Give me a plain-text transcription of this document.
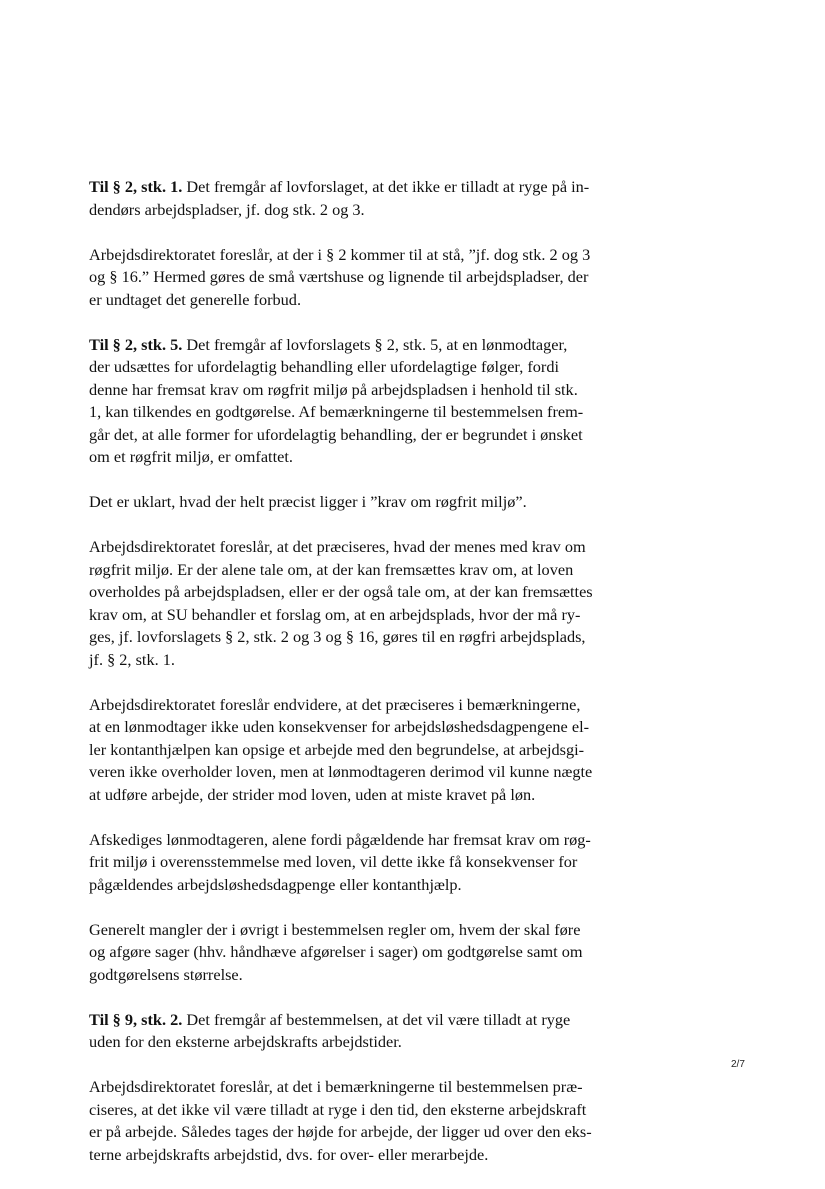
Til § 2, stk. 1. Det fremgår af lovforslaget, at det ikke er tilladt at ryge på in-
dendørs arbejdspladser, jf. dog stk. 2 og 3.

Arbejdsdirektoratet foreslår, at der i § 2 kommer til at stå, ”jf. dog stk. 2 og 3
og § 16.” Hermed gøres de små værtshuse og lignende til arbejdspladser, der
er undtaget det generelle forbud.

Til § 2, stk. 5. Det fremgår af lovforslagets § 2, stk. 5, at en lønmodtager,
der udsættes for ufordelagtig behandling eller ufordelagtige følger, fordi
denne har fremsat krav om røgfrit miljø på arbejdspladsen i henhold til stk.
1, kan tilkendes en godtgørelse. Af bemærkningerne til bestemmelsen frem-
går det, at alle former for ufordelagtig behandling, der er begrundet i ønsket
om et røgfrit miljø, er omfattet.

Det er uklart, hvad der helt præcist ligger i ”krav om røgfrit miljø”.

Arbejdsdirektoratet foreslår, at det præciseres, hvad der menes med krav om
røgfrit miljø. Er der alene tale om, at der kan fremsættes krav om, at loven
overholdes på arbejdspladsen, eller er der også tale om, at der kan fremsættes
krav om, at SU behandler et forslag om, at en arbejdsplads, hvor der må ry-
ges, jf. lovforslagets § 2, stk. 2 og 3 og § 16, gøres til en røgfri arbejdsplads,
jf. § 2, stk. 1.

Arbejdsdirektoratet foreslår endvidere, at det præciseres i bemærkningerne,
at en lønmodtager ikke uden konsekvenser for arbejdsløshedsdagpengene el-
ler kontanthjælpen kan opsige et arbejde med den begrundelse, at arbejdsgi-
veren ikke overholder loven, men at lønmodtageren derimod vil kunne nægte
at udføre arbejde, der strider mod loven, uden at miste kravet på løn.

Afskediges lønmodtageren, alene fordi pågældende har fremsat krav om røg-
frit miljø i overensstemmelse med loven, vil dette ikke få konsekvenser for
pågældendes arbejdsløshedsdagpenge eller kontanthjælp.

Generelt mangler der i øvrigt i bestemmelsen regler om, hvem der skal føre
og afgøre sager (hhv. håndhæve afgørelser i sager) om godtgørelse samt om
godtgørelsens størrelse.

Til § 9, stk. 2. Det fremgår af bestemmelsen, at det vil være tilladt at ryge
uden for den eksterne arbejdskrafts arbejdstider.

Arbejdsdirektoratet foreslår, at det i bemærkningerne til bestemmelsen præ-
ciseres, at det ikke vil være tilladt at ryge i den tid, den eksterne arbejdskraft
er på arbejde. Således tages der højde for arbejde, der ligger ud over den eks-
terne arbejdskrafts arbejdstid, dvs. for over- eller merarbejde.

2/7
